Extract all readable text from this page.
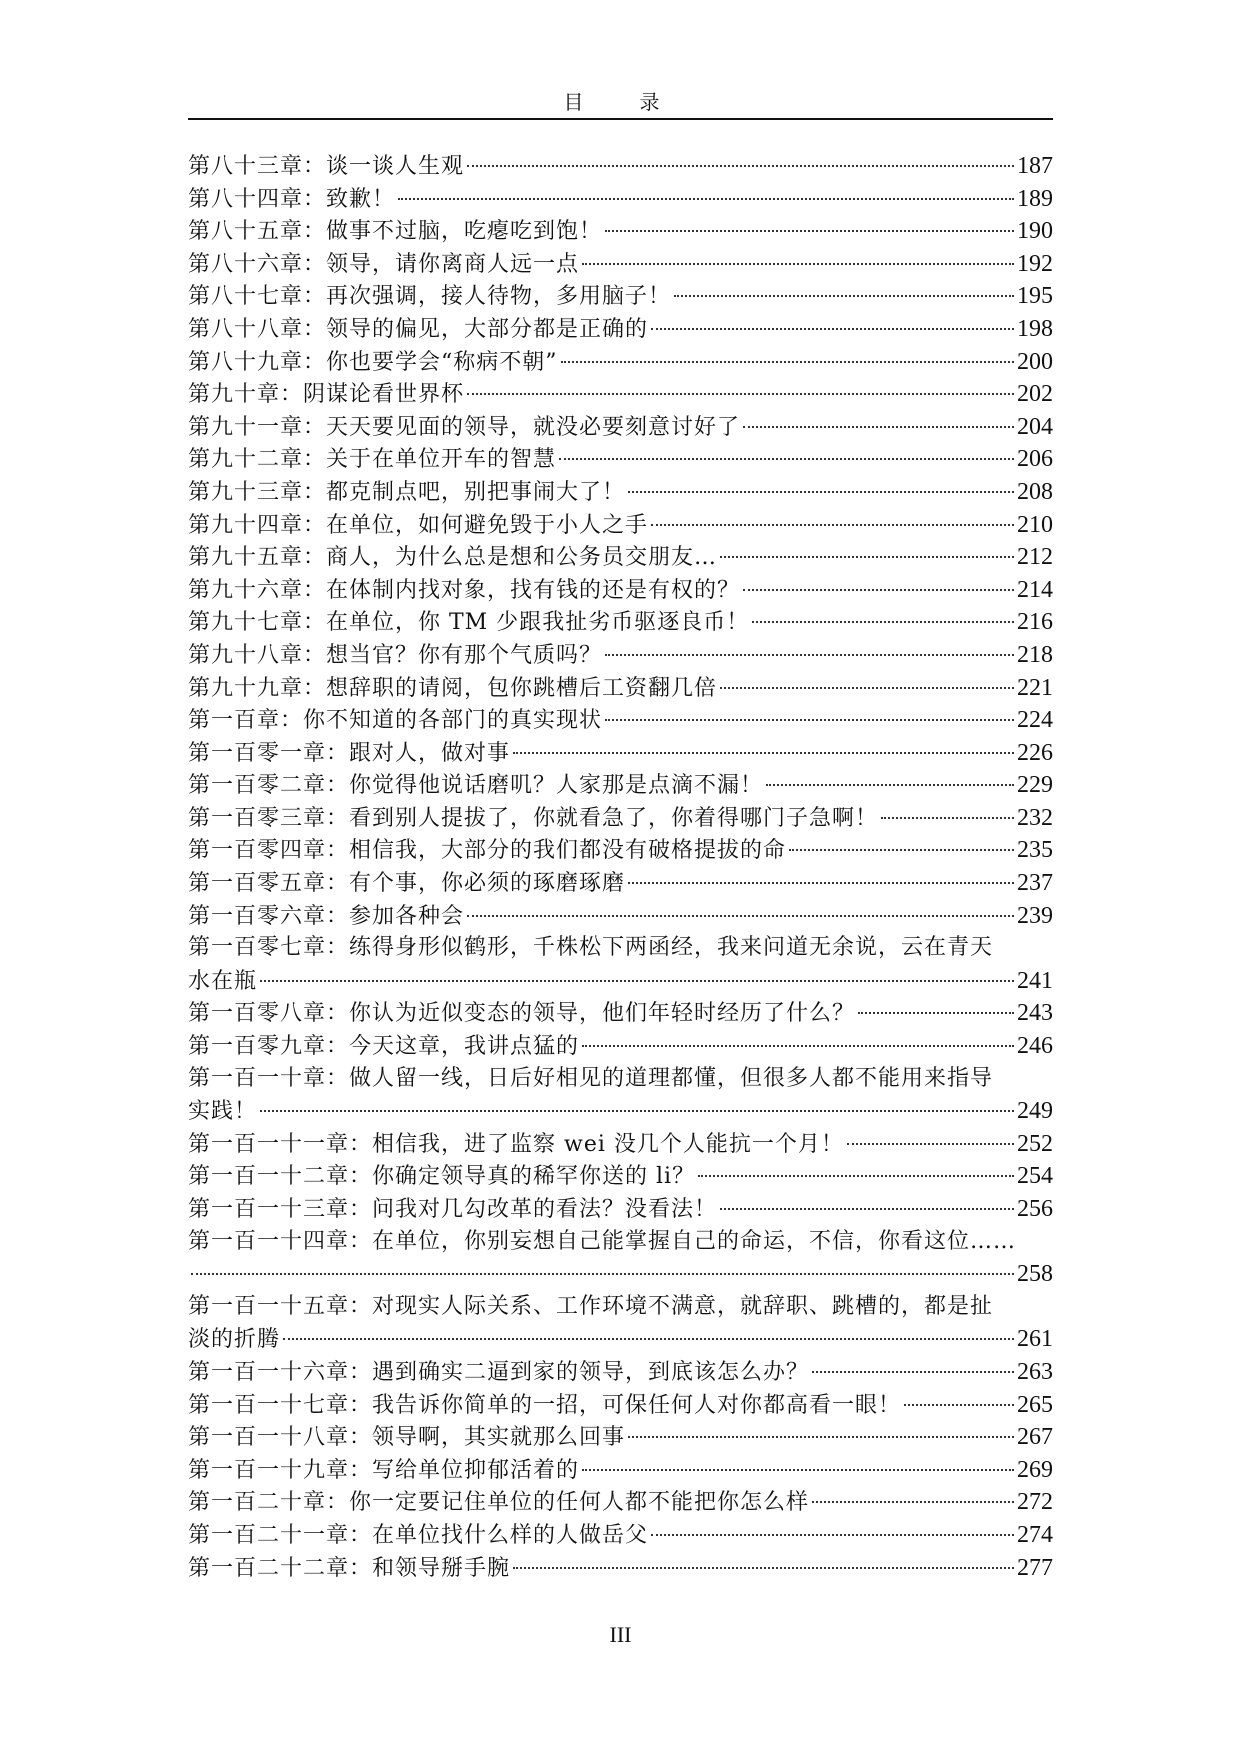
目　录
第八十三章：谈一谈人生观	187
第八十四章：致歉！	189
第八十五章：做事不过脑，吃瘪吃到饱！	190
第八十六章：领导，请你离商人远一点	192
第八十七章：再次强调，接人待物，多用脑子！	195
第八十八章：领导的偏见，大部分都是正确的	198
第八十九章：你也要学会“称病不朝”	200
第九十章：阴谋论看世界杯	202
第九十一章：天天要见面的领导，就没必要刻意讨好了	204
第九十二章：关于在单位开车的智慧	206
第九十三章：都克制点吧，别把事闹大了！	208
第九十四章：在单位，如何避免毁于小人之手	210
第九十五章：商人，为什么总是想和公务员交朋友…	212
第九十六章：在体制内找对象，找有钱的还是有权的？	214
第九十七章：在单位，你 TM 少跟我扯劣币驱逐良币！	216
第九十八章：想当官？你有那个气质吗？	218
第九十九章：想辞职的请阅，包你跳槽后工资翻几倍	221
第一百章：你不知道的各部门的真实现状	224
第一百零一章：跟对人，做对事	226
第一百零二章：你觉得他说话磨叽？人家那是点滴不漏！	229
第一百零三章：看到别人提拔了，你就看急了，你着得哪门子急啊！	232
第一百零四章：相信我，大部分的我们都没有破格提拔的命	235
第一百零五章：有个事，你必须的琢磨琢磨	237
第一百零六章：参加各种会	239
第一百零七章：练得身形似鹤形，千株松下两函经，我来问道无余说，云在青天
水在瓶	241
第一百零八章：你认为近似变态的领导，他们年轻时经历了什么？	243
第一百零九章：今天这章，我讲点猛的	246
第一百一十章：做人留一线，日后好相见的道理都懂，但很多人都不能用来指导
实践！	249
第一百一十一章：相信我，进了监察 wei 没几个人能抗一个月！	252
第一百一十二章：你确定领导真的稀罕你送的 li？	254
第一百一十三章：问我对几勾改革的看法？没看法！	256
第一百一十四章：在单位，你别妄想自己能掌握自己的命运，不信，你看这位……
258
第一百一十五章：对现实人际关系、工作环境不满意，就辞职、跳槽的，都是扯
淡的折腾	261
第一百一十六章：遇到确实二逼到家的领导，到底该怎么办？	263
第一百一十七章：我告诉你简单的一招，可保任何人对你都高看一眼！	265
第一百一十八章：领导啊，其实就那么回事	267
第一百一十九章：写给单位抑郁活着的	269
第一百二十章：你一定要记住单位的任何人都不能把你怎么样	272
第一百二十一章：在单位找什么样的人做岳父	274
第一百二十二章：和领导掰手腕	277
III
